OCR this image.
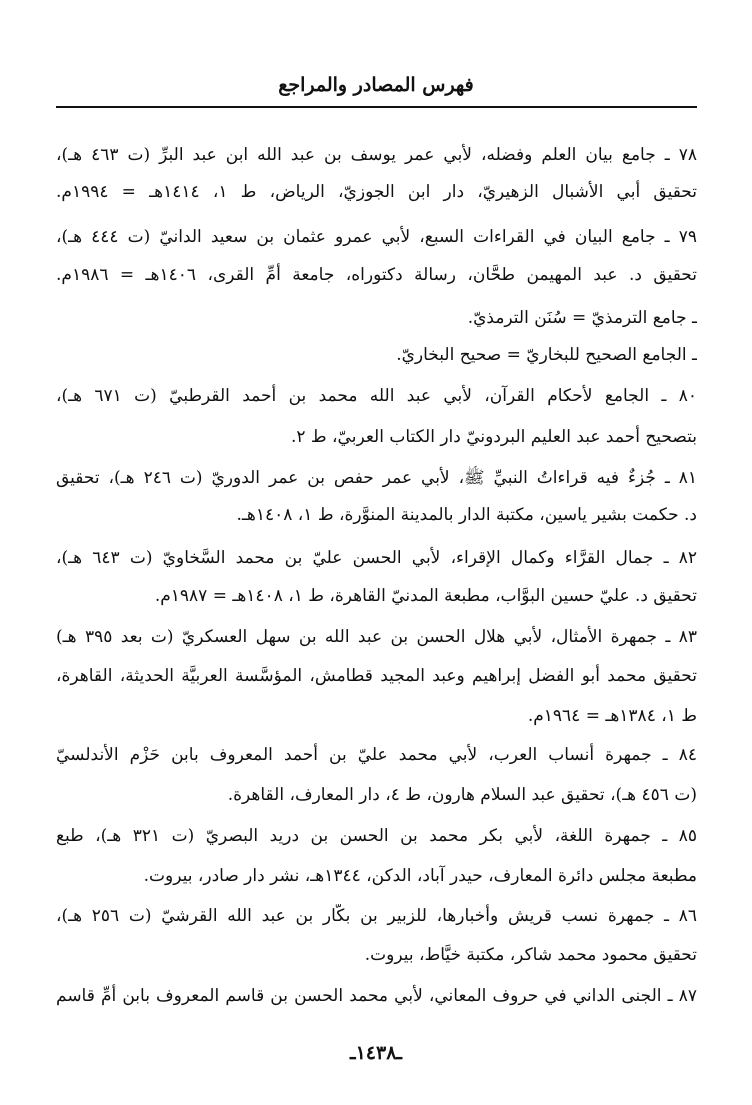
فهرس المصادر والمراجع
٧٨ ـ جامع بيان العلم وفضله، لأبي عمر يوسف بن عبد الله ابن عبد البرِّ (ت ٤٦٣ هـ)،
تحقيق أبي الأشبال الزهيريّ، دار ابن الجوزيّ، الرياض، ط ١، ١٤١٤هـ = ١٩٩٤م.
٧٩ ـ جامع البيان في القراءات السبع، لأبي عمرو عثمان بن سعيد الدانيّ (ت ٤٤٤ هـ)،
تحقيق د. عبد المهيمن طحَّان، رسالة دكتوراه، جامعة أمِّ القرى، ١٤٠٦هـ = ١٩٨٦م.
ـ جامع الترمذيّ = سُنَن الترمذيّ.
ـ الجامع الصحيح للبخاريّ = صحيح البخاريّ.
٨٠ ـ الجامع لأحكام القرآن، لأبي عبد الله محمد بن أحمد القرطبيّ (ت ٦٧١ هـ)،
بتصحيح أحمد عبد العليم البردونيّ دار الكتاب العربيّ، ط ٢.
٨١ ـ جُزءٌ فيه قراءاتُ النبيِّ ﷺ، لأبي عمر حفص بن عمر الدوريّ (ت ٢٤٦ هـ)، تحقيق
د. حكمت بشير ياسين، مكتبة الدار بالمدينة المنوَّرة، ط ١، ١٤٠٨هـ.
٨٢ ـ جمال القرَّاء وكمال الإقراء، لأبي الحسن عليّ بن محمد السَّخاويّ (ت ٦٤٣ هـ)،
تحقيق د. عليّ حسين البوَّاب، مطبعة المدنيّ القاهرة، ط ١، ١٤٠٨هـ = ١٩٨٧م.
٨٣ ـ جمهرة الأمثال، لأبي هلال الحسن بن عبد الله بن سهل العسكريّ (ت بعد ٣٩٥ هـ)
تحقيق محمد أبو الفضل إبراهيم وعبد المجيد قطامش، المؤسَّسة العربيَّة الحديثة، القاهرة،
ط ١، ١٣٨٤هـ = ١٩٦٤م.
٨٤ ـ جمهرة أنساب العرب، لأبي محمد عليّ بن أحمد المعروف بابن حَزْم الأندلسيّ
(ت ٤٥٦ هـ)، تحقيق عبد السلام هارون، ط ٤، دار المعارف، القاهرة.
٨٥ ـ جمهرة اللغة، لأبي بكر محمد بن الحسن بن دريد البصريّ (ت ٣٢١ هـ)، طبع
مطبعة مجلس دائرة المعارف، حيدر آباد، الدكن، ١٣٤٤هـ، نشر دار صادر، بيروت.
٨٦ ـ جمهرة نسب قريش وأخبارها، للزبير بن بكَّار بن عبد الله القرشيّ (ت ٢٥٦ هـ)،
تحقيق محمود محمد شاكر، مكتبة خيَّاط، بيروت.
٨٧ ـ الجنى الداني في حروف المعاني، لأبي محمد الحسن بن قاسم المعروف بابن أُمِّ قاسم
ـ١٤٣٨ـ
